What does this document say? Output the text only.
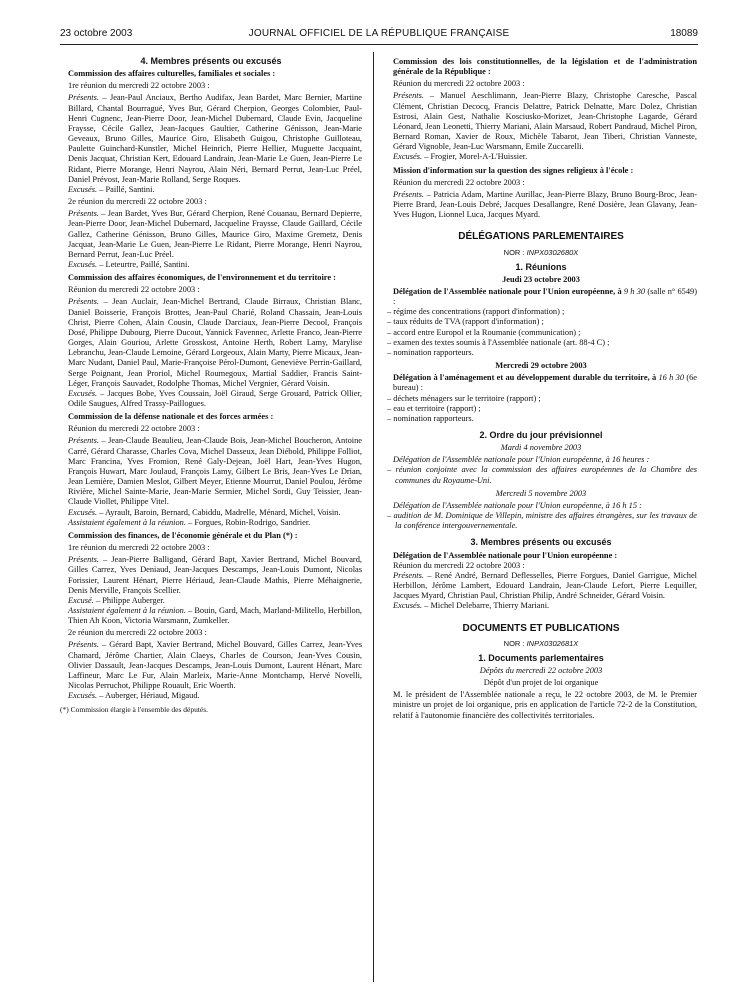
23 octobre 2003	JOURNAL OFFICIEL DE LA RÉPUBLIQUE FRANÇAISE	18089
4. Membres présents ou excusés

Commission des affaires culturelles, familiales et sociales :

1re réunion du mercredi 22 octobre 2003 :

Présents. – Jean-Paul Anciaux, Bertho Audifax, Jean Bardet, Marc Bernier, Martine Billard, Chantal Bourragué, Yves Bur, Gérard Cherpion, Georges Colombier, Paul-Henri Cugnenc, Jean-Pierre Door, Jean-Michel Dubernard, Claude Evin, Jacqueline Fraysse, Cécile Gallez, Jean-Jacques Gaultier, Catherine Génisson, Jean-Marie Geveaux, Bruno Gilles, Maurice Giro, Elisabeth Guigou, Christophe Guilloteau, Paulette Guinchard-Kunstler, Michel Heinrich, Pierre Hellier, Muguette Jacquaint, Denis Jacquat, Christian Kert, Edouard Landrain, Jean-Marie Le Guen, Jean-Pierre Le Ridant, Pierre Morange, Henri Nayrou, Alain Néri, Bernard Perrut, Jean-Luc Préel, Daniel Prévost, Jean-Marie Rolland, Serge Roques.

Excusés. – Paillé, Santini.

2e réunion du mercredi 22 octobre 2003 :

Présents. – Jean Bardet, Yves Bur, Gérard Cherpion, René Couanau, Bernard Depierre, Jean-Pierre Door, Jean-Michel Dubernard, Jacqueline Fraysse, Claude Gaillard, Cécile Gallez, Catherine Génisson, Bruno Gilles, Maurice Giro, Maxime Gremetz, Denis Jacquat, Jean-Marie Le Guen, Jean-Pierre Le Ridant, Pierre Morange, Henri Nayrou, Bernard Perrut, Jean-Luc Préel.

Excusés. – Leteurtre, Paillé, Santini.

Commission des affaires économiques, de l'environnement et du territoire :

Réunion du mercredi 22 octobre 2003 :

Présents. – Jean Auclair, Jean-Michel Bertrand, Claude Birraux, Christian Blanc, Daniel Boisserie, François Brottes, Jean-Paul Charié, Roland Chassain, Jean-Louis Christ, Pierre Cohen, Alain Cousin, Claude Darciaux, Jean-Pierre Decool, François Dosé, Philippe Dubourg, Pierre Ducout, Yannick Favennec, Arlette Franco, Jean-Pierre Gorges, Alain Gouriou, Arlette Grosskost, Antoine Herth, Robert Lamy, Marylise Lebranchu, Jean-Claude Lemoine, Gérard Lorgeoux, Alain Marty, Pierre Micaux, Jean-Marc Nudant, Daniel Paul, Marie-Françoise Pérol-Dumont, Geneviève Perrin-Gaillard, Serge Poignant, Jean Proriol, Michel Roumegoux, Martial Saddier, Francis Saint-Léger, François Sauvadet, Rodolphe Thomas, Michel Vergnier, Gérard Voisin.

Excusés. – Jacques Bobe, Yves Coussain, Joël Giraud, Serge Grouard, Patrick Ollier, Odile Saugues, Alfred Trassy-Paillogues.

Commission de la défense nationale et des forces armées :

Réunion du mercredi 22 octobre 2003 :

Présents. – Jean-Claude Beaulieu, Jean-Claude Bois, Jean-Michel Boucheron, Antoine Carré, Gérard Charasse, Charles Cova, Michel Dasseux, Jean Diébold, Philippe Folliot, Marc Francina, Yves Fromion, René Galy-Dejean, Joël Hart, Jean-Yves Hugon, François Huwart, Marc Joulaud, François Lamy, Gilbert Le Bris, Jean-Yves Le Drian, Jean Lemière, Damien Meslot, Gilbert Meyer, Etienne Mourrut, Daniel Poulou, Jérôme Rivière, Michel Sainte-Marie, Jean-Marie Sermier, Michel Sordi, Guy Teissier, Jean-Claude Viollet, Philippe Vitel.

Excusés. – Ayrault, Baroin, Bernard, Cabiddu, Madrelle, Ménard, Michel, Voisin.

Assistaient également à la réunion. – Forgues, Robin-Rodrigo, Sandrier.

Commission des finances, de l'économie générale et du Plan (*) :

1re réunion du mercredi 22 octobre 2003 :

Présents. – Jean-Pierre Balligand, Gérard Bapt, Xavier Bertrand, Michel Bouvard, Gilles Carrez, Yves Deniaud, Jean-Jacques Descamps, Jean-Louis Dumont, Nicolas Forissier, Laurent Hénart, Pierre Hériaud, Jean-Claude Mathis, Pierre Méhaignerie, Denis Merville, François Scellier.

Excusé. – Philippe Auberger.

Assistaient également à la réunion. – Bouin, Gard, Mach, Marland-Militello, Herbillon, Thien Ah Koon, Victoria Warsmann, Zumkeller.

2e réunion du mercredi 22 octobre 2003 :

Présents. – Gérard Bapt, Xavier Bertrand, Michel Bouvard, Gilles Carrez, Jean-Yves Chamard, Jérôme Chartier, Alain Claeys, Charles de Courson, Jean-Yves Cousin, Olivier Dassault, Jean-Jacques Descamps, Jean-Louis Dumont, Laurent Hénart, Marc Laffineur, Marc Le Fur, Alain Marleix, Marie-Anne Montchamp, Hervé Novelli, Nicolas Perruchot, Philippe Rouault, Eric Woerth.

Excusés. – Auberger, Hériaud, Migaud.

(*) Commission élargie à l'ensemble des députés.

Commission des lois constitutionnelles, de la législation et de l'administration générale de la République :

Réunion du mercredi 22 octobre 2003 :

Présents. – Manuel Aeschlimann, Jean-Pierre Blazy, Christophe Caresche, Pascal Clément, Christian Decocq, Francis Delattre, Patrick Delnatte, Marc Dolez, Christian Estrosi, Alain Gest, Nathalie Kosciusko-Morizet, Jean-Christophe Lagarde, Gérard Léonard, Jean Leonetti, Thierry Mariani, Alain Marsaud, Robert Pandraud, Michel Piron, Bernard Roman, Xavier de Roux, Michèle Tabarot, Jean Tiberi, Christian Vanneste, Gérard Vignoble, Jean-Luc Warsmann, Emile Zuccarelli.

Excusés. – Frogier, Morel-A-L'Huissier.

Mission d'information sur la question des signes religieux à l'école :

Réunion du mercredi 22 octobre 2003 :

Présents. – Patricia Adam, Martine Aurillac, Jean-Pierre Blazy, Bruno Bourg-Broc, Jean-Pierre Brard, Jean-Louis Debré, Jacques Desallangre, René Dosière, Jean Glavany, Jean-Yves Hugon, Lionnel Luca, Jacques Myard.

DÉLÉGATIONS PARLEMENTAIRES
NOR : INPX0302680X
1. Réunions

Jeudi 23 octobre 2003

Délégation de l'Assemblée nationale pour l'Union européenne, à 9 h 30 (salle n° 6549) :

– régime des concentrations (rapport d'information) ;
– taux réduits de TVA (rapport d'information) ;
– accord entre Europol et la Roumanie (communication) ;
– examen des textes soumis à l'Assemblée nationale (art. 88-4 C) ;
– nomination rapporteurs.

Mercredi 29 octobre 2003

Délégation à l'aménagement et au développement durable du territoire, à 16 h 30 (6e bureau) :

– déchets ménagers sur le territoire (rapport) ;
– eau et territoire (rapport) ;
– nomination rapporteurs.
2. Ordre du jour prévisionnel

Mardi 4 novembre 2003

Délégation de l'Assemblée nationale pour l'Union européenne, à 16 heures :

– réunion conjointe avec la commission des affaires européennes de la Chambre des communes du Royaume-Uni.

Mercredi 5 novembre 2003

Délégation de l'Assemblée nationale pour l'Union européenne, à 16 h 15 :

– audition de M. Dominique de Villepin, ministre des affaires étrangères, sur les travaux de la conférence intergouvernementale.
3. Membres présents ou excusés

Délégation de l'Assemblée nationale pour l'Union européenne :

Réunion du mercredi 22 octobre 2003 :

Présents. – René André, Bernard Deflesselles, Pierre Forgues, Daniel Garrigue, Michel Herbillon, Jérôme Lambert, Edouard Landrain, Jean-Claude Lefort, Pierre Lequiller, Jacques Myard, Christian Paul, Christian Philip, André Schneider, Gérard Voisin.

Excusés. – Michel Delebarre, Thierry Mariani.

DOCUMENTS ET PUBLICATIONS
NOR : INPX0302681X
1. Documents parlementaires

Dépôts du mercredi 22 octobre 2003

Dépôt d'un projet de loi organique

M. le président de l'Assemblée nationale a reçu, le 22 octobre 2003, de M. le Premier ministre un projet de loi organique, pris en application de l'article 72-2 de la Constitution, relatif à l'autonomie financière des collectivités territoriales.
